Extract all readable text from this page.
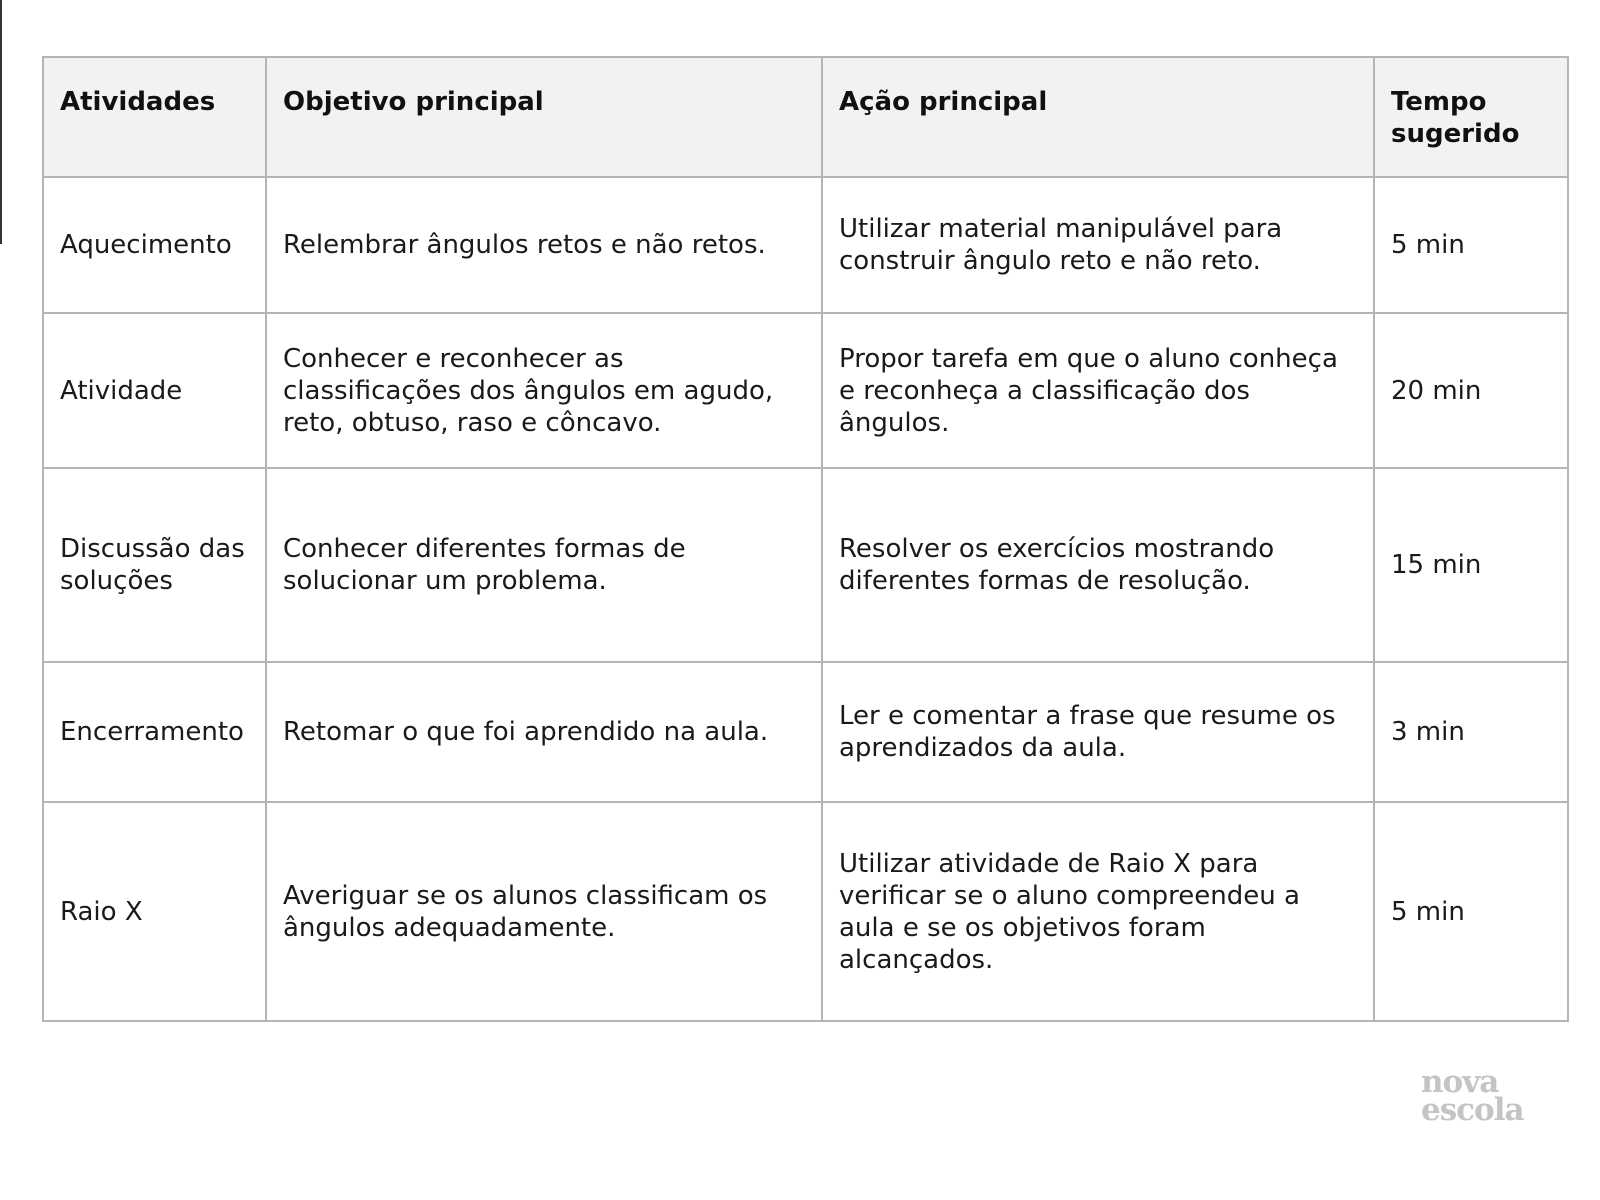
Atividades	Objetivo principal	Ação principal	Tempo sugerido
Aquecimento	Relembrar ângulos retos e não retos.	Utilizar material manipulável para construir ângulo reto e não reto.	5 min
Atividade	Conhecer e reconhecer as classificações dos ângulos em agudo, reto, obtuso, raso e côncavo.	Propor tarefa em que o aluno conheça e reconheça a classificação dos ângulos.	20 min
Discussão das soluções	Conhecer diferentes formas de solucionar um problema.	Resolver os exercícios mostrando diferentes formas de resolução.	15 min
Encerramento	Retomar o que foi aprendido na aula.	Ler e comentar a frase que resume os aprendizados da aula.	3 min
Raio X	Averiguar se os alunos classificam os ângulos adequadamente.	Utilizar atividade de Raio X para verificar se o aluno compreendeu a aula e se os objetivos foram alcançados.	5 min
nova
escola
